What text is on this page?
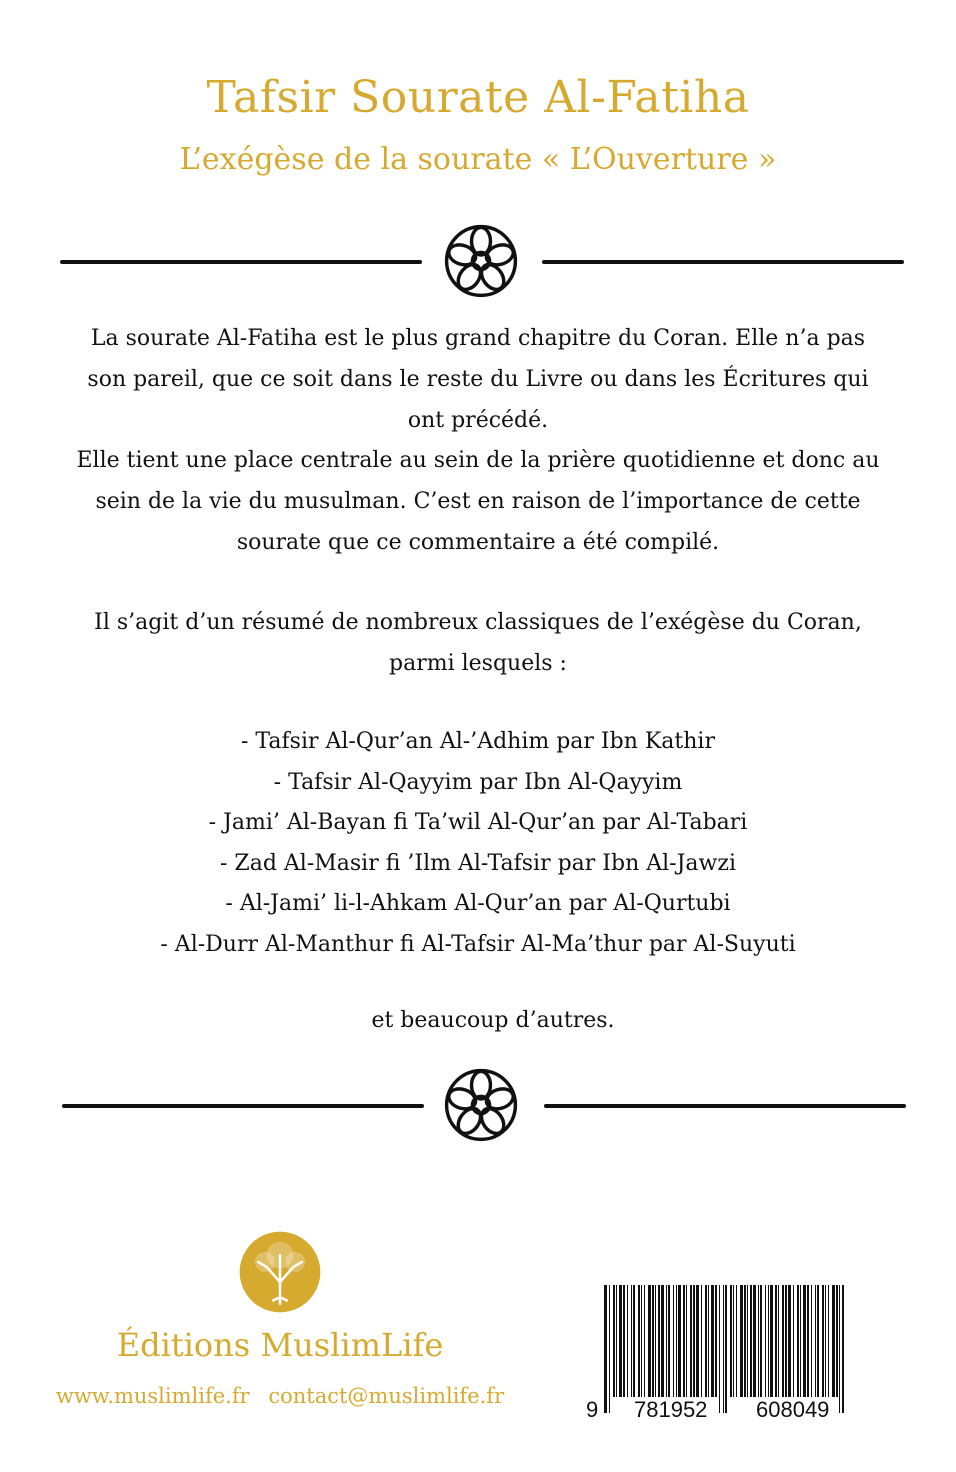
Tafsir Sourate Al-Fatiha
L’exégèse de la sourate « L’Ouverture »
La sourate Al-Fatiha est le plus grand chapitre du Coran. Elle n’a pas son pareil, que ce soit dans le reste du Livre ou dans les Écritures qui ont précédé.
Elle tient une place centrale au sein de la prière quotidienne et donc au sein de la vie du musulman. C’est en raison de l’importance de cette sourate que ce commentaire a été compilé.
Il s’agit d’un résumé de nombreux classiques de l’exégèse du Coran, parmi lesquels :
- Tafsir Al-Qur’an Al-’Adhim par Ibn Kathir
- Tafsir Al-Qayyim par Ibn Al-Qayyim
- Jami’ Al-Bayan fi Ta’wil Al-Qur’an par Al-Tabari
- Zad Al-Masir fi ’Ilm Al-Tafsir par Ibn Al-Jawzi
- Al-Jami’ li-l-Ahkam Al-Qur’an par Al-Qurtubi
- Al-Durr Al-Manthur fi Al-Tafsir Al-Ma’thur par Al-Suyuti
et beaucoup d’autres.
Éditions MuslimLife
www.muslimlife.fr contact@muslimlife.fr
9 781952 608049
